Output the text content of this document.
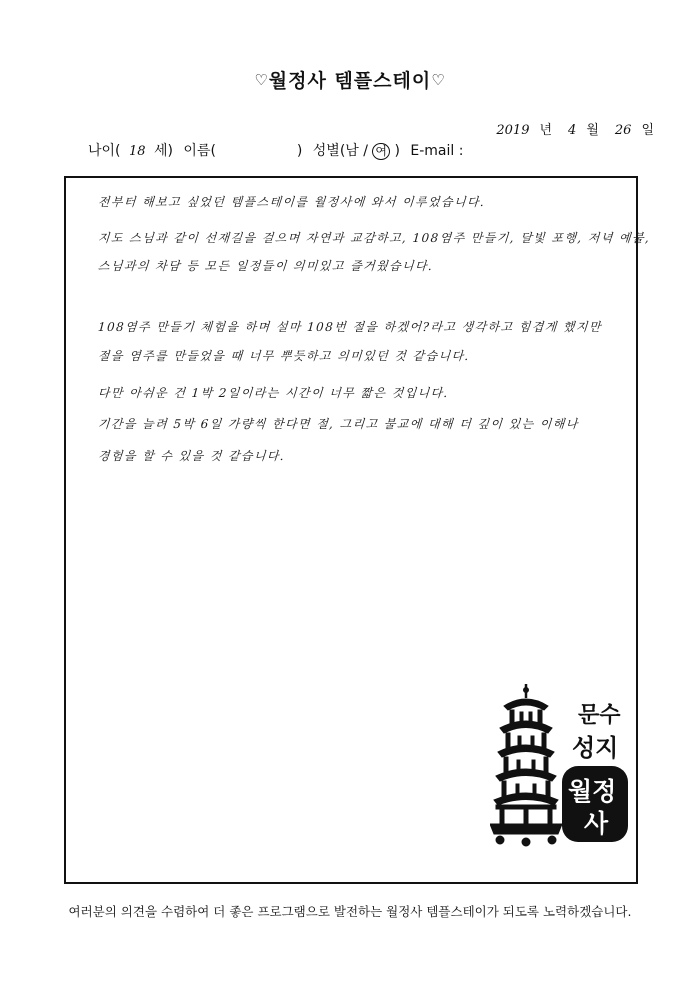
♡월정사 템플스테이♡
2019 년 4 월 26 일
나이( 18 세) 이름(	) 성별(남 / 여 ) E-mail :
전부터 해보고 싶었던 템플스테이를 월정사에 와서 이루었습니다.
지도 스님과 같이 선재길을 걸으며 자연과 교감하고, 108염주 만들기, 달빛 포행, 저녁 예불,
스님과의 차담 등 모든 일정들이 의미있고 즐거웠습니다.
108염주 만들기 체험을 하며 설마 108번 절을 하겠어?라고 생각하고 힘겹게 했지만
절을 염주를 만들었을 때 너무 뿌듯하고 의미있던 것 같습니다.
다만 아쉬운 건 1박 2일이라는 시간이 너무 짧은 것입니다.
기간을 늘려 5박 6일 가량씩 한다면 절, 그리고 불교에 대해 더 깊이 있는 이해나
경험을 할 수 있을 것 같습니다.
문수
성지
월정
사
여러분의 의견을 수렴하여 더 좋은 프로그램으로 발전하는 월정사 템플스테이가 되도록 노력하겠습니다.
